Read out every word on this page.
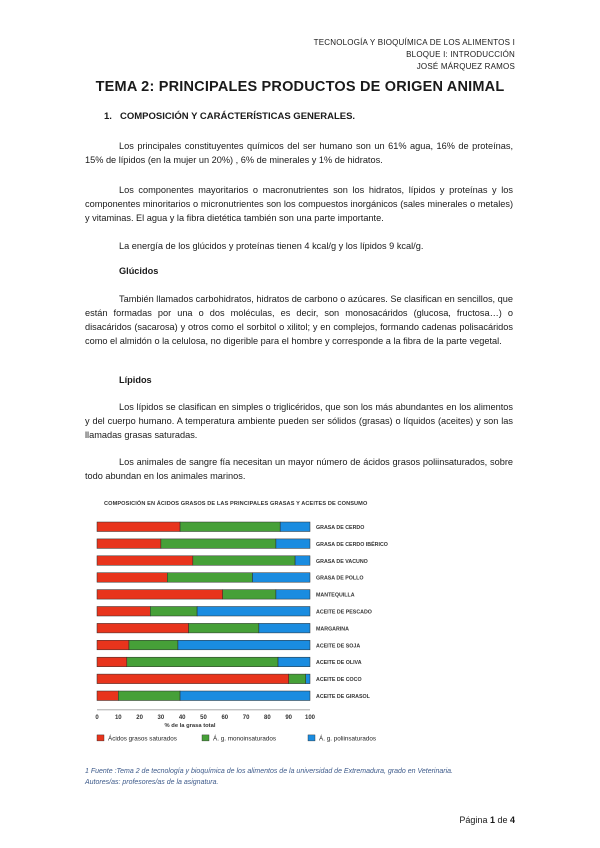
TECNOLOGÍA Y BIOQUÍMICA DE LOS ALIMENTOS I
BLOQUE I: INTRODUCCIÓN
JOSÉ MÁRQUEZ RAMOS
TEMA 2: PRINCIPALES PRODUCTOS DE ORIGEN ANIMAL
1. COMPOSICIÓN Y CARÁCTERÍSTICAS GENERALES.
Los principales constituyentes químicos del ser humano son un 61% agua, 16% de proteínas, 15% de lípidos (en la mujer un 20%) , 6% de minerales y 1% de hidratos.
Los componentes mayoritarios o macronutrientes son los hidratos, lípidos y proteínas y los componentes minoritarios o micronutrientes son los compuestos inorgánicos (sales minerales o metales) y vitaminas. El agua y la fibra dietética también son una parte importante.
La energía de los glúcidos y proteínas tienen 4 kcal/g y los lípidos 9 kcal/g.
Glúcidos
También llamados carbohidratos, hidratos de carbono o azúcares. Se clasifican en sencillos, que están formadas por una o dos moléculas, es decir, son monosacáridos (glucosa, fructosa…) o disacáridos (sacarosa) y otros como el sorbitol o xilitol; y en complejos, formando cadenas polisacáridos como el almidón o la celulosa, no digerible para el hombre y corresponde a la fibra de la parte vegetal.
Lípidos
Los lípidos se clasifican en simples o triglicéridos, que son los más abundantes en los alimentos y del cuerpo humano. A temperatura ambiente pueden ser sólidos (grasas) o líquidos (aceites) y son las llamadas grasas saturadas.
Los animales de sangre fía necesitan un mayor número de ácidos grasos poliinsaturados, sobre todo abundan en los animales marinos.
COMPOSICIÓN EN ÁCIDOS GRASOS DE LAS PRINCIPALES GRASAS Y ACEITES DE CONSUMO
GRASA DE CERDO
GRASA DE CERDO IBÉRICO
GRASA DE VACUNO
GRASA DE POLLO
MANTEQUILLA
ACEITE DE PESCADO
MARGARINA
ACEITE DE SOJA
ACEITE DE OLIVA
ACEITE DE COCO
ACEITE DE GIRASOL
0	10 20 30 40 50 60 70 80 90 100
% de la grasa total
Ácidos grasos saturados	Á. g. monoinsaturados	Á. g. poliinsaturados
1 Fuente :Tema 2 de tecnología y bioquímica de los alimentos de la universidad de Extremadura, grado en Veterinaria.
Autores/as: profesores/as de la asignatura.
Página 1 de 4
